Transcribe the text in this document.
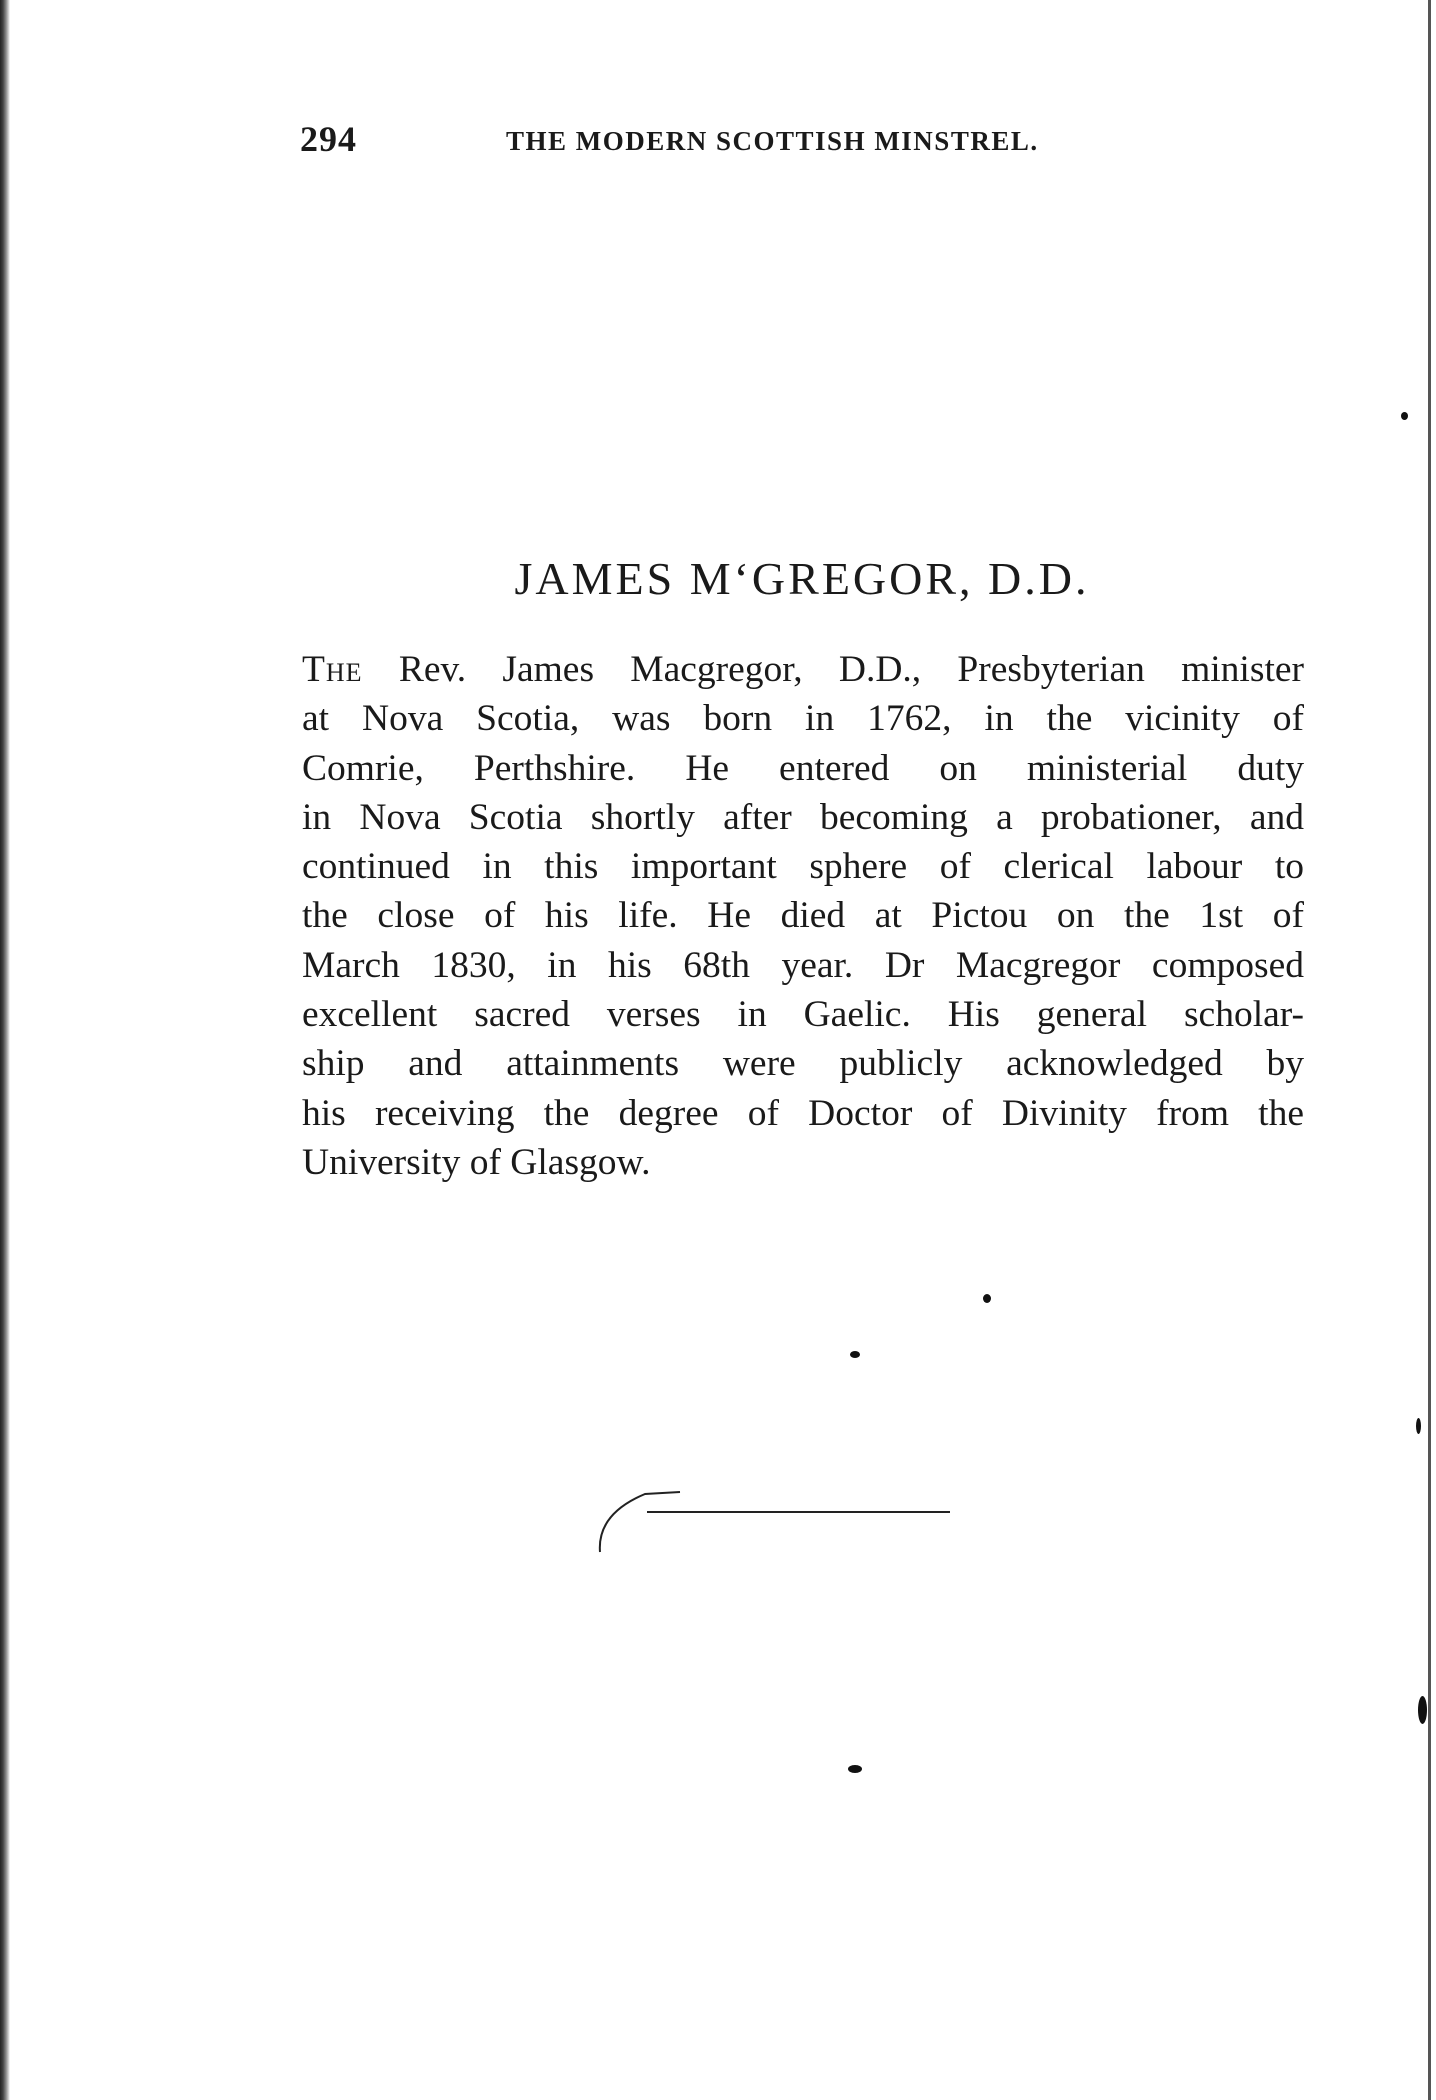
294	THE MODERN SCOTTISH MINSTREL.
JAMES M‘GREGOR, D.D.
The Rev. James Macgregor, D.D., Presbyterian minister
at Nova Scotia, was born in 1762, in the vicinity of
Comrie, Perthshire. He entered on ministerial duty
in Nova Scotia shortly after becoming a probationer, and
continued in this important sphere of clerical labour to
the close of his life. He died at Pictou on the 1st of
March 1830, in his 68th year. Dr Macgregor composed
excellent sacred verses in Gaelic. His general scholar-
ship and attainments were publicly acknowledged by
his receiving the degree of Doctor of Divinity from the
University of Glasgow.
